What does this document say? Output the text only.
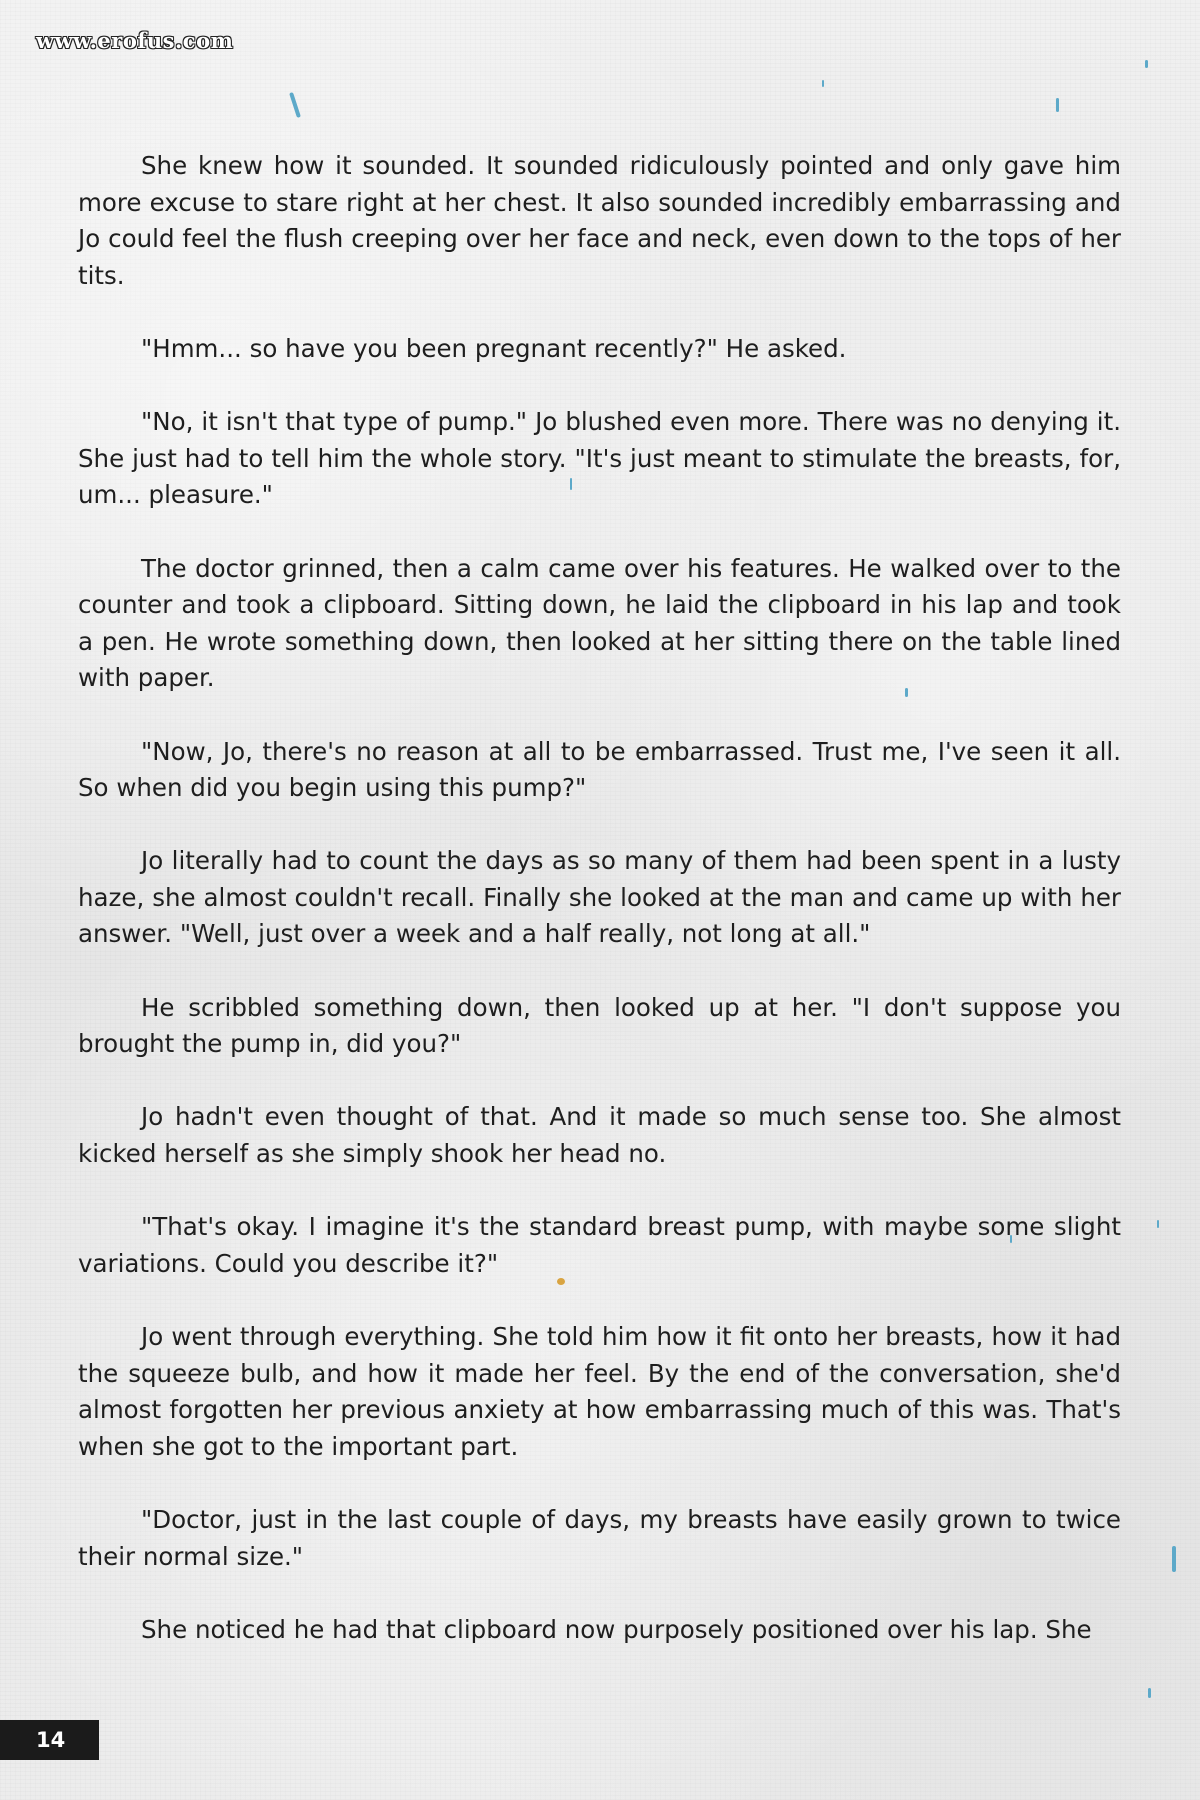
www.erofus.com

She knew how it sounded. It sounded ridiculously pointed and only gave him more excuse to stare right at her chest. It also sounded incredibly embarrassing and Jo could feel the flush creeping over her face and neck, even down to the tops of her tits.

"Hmm... so have you been pregnant recently?" He asked.

"No, it isn't that type of pump." Jo blushed even more. There was no denying it. She just had to tell him the whole story. "It's just meant to stimulate the breasts, for, um... pleasure."

The doctor grinned, then a calm came over his features. He walked over to the counter and took a clipboard. Sitting down, he laid the clipboard in his lap and took a pen. He wrote something down, then looked at her sitting there on the table lined with paper.

"Now, Jo, there's no reason at all to be embarrassed. Trust me, I've seen it all. So when did you begin using this pump?"

Jo literally had to count the days as so many of them had been spent in a lusty haze, she almost couldn't recall. Finally she looked at the man and came up with her answer. "Well, just over a week and a half really, not long at all."

He scribbled something down, then looked up at her. "I don't suppose you brought the pump in, did you?"

Jo hadn't even thought of that. And it made so much sense too. She almost kicked herself as she simply shook her head no.

"That's okay. I imagine it's the standard breast pump, with maybe some slight variations. Could you describe it?"

Jo went through everything. She told him how it fit onto her breasts, how it had the squeeze bulb, and how it made her feel. By the end of the conversation, she'd almost forgotten her previous anxiety at how embarrassing much of this was. That's when she got to the important part.

"Doctor, just in the last couple of days, my breasts have easily grown to twice their normal size."

She noticed he had that clipboard now purposely positioned over his lap. She

14
